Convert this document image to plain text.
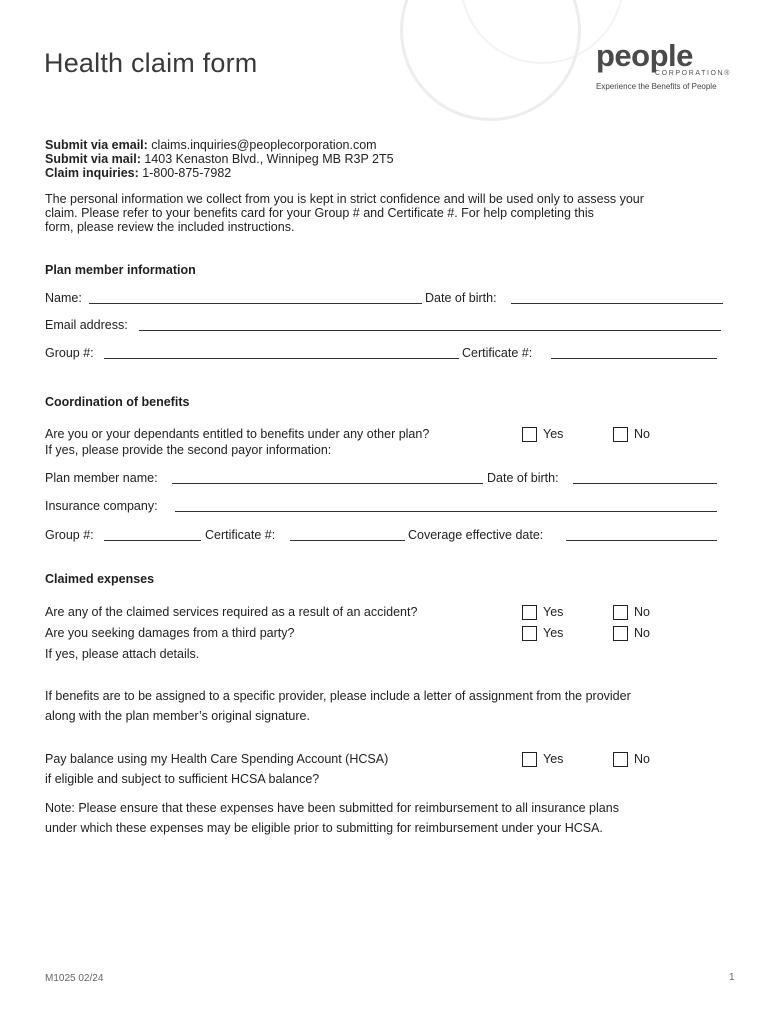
Health claim form	people
CORPORATION®
Experience the Benefits of People
Submit via email: claims.inquiries@peoplecorporation.com
Submit via mail: 1403 Kenaston Blvd., Winnipeg MB R3P 2T5
Claim inquiries: 1-800-875-7982
The personal information we collect from you is kept in strict confidence and will be used only to assess your
claim. Please refer to your benefits card for your Group # and Certificate #. For help completing this
form, please review the included instructions.
Plan member information
Name:	Date of birth:
Email address:
Group #:	Certificate #:
Coordination of benefits
Are you or your dependants entitled to benefits under any other plan?
If yes, please provide the second payor information:
Yes	No
Plan member name:	Date of birth:
Insurance company:
Group #:	Certificate #:	Coverage effective date:
Claimed expenses
Are any of the claimed services required as a result of an accident?	Yes	No
Are you seeking damages from a third party?	Yes	No
If yes, please attach details.
If benefits are to be assigned to a specific provider, please include a letter of assignment from the provider
along with the plan member’s original signature.
Pay balance using my Health Care Spending Account (HCSA)
if eligible and subject to sufficient HCSA balance?
Yes	No
Note: Please ensure that these expenses have been submitted for reimbursement to all insurance plans
under which these expenses may be eligible prior to submitting for reimbursement under your HCSA.
M1025 02/24	1
